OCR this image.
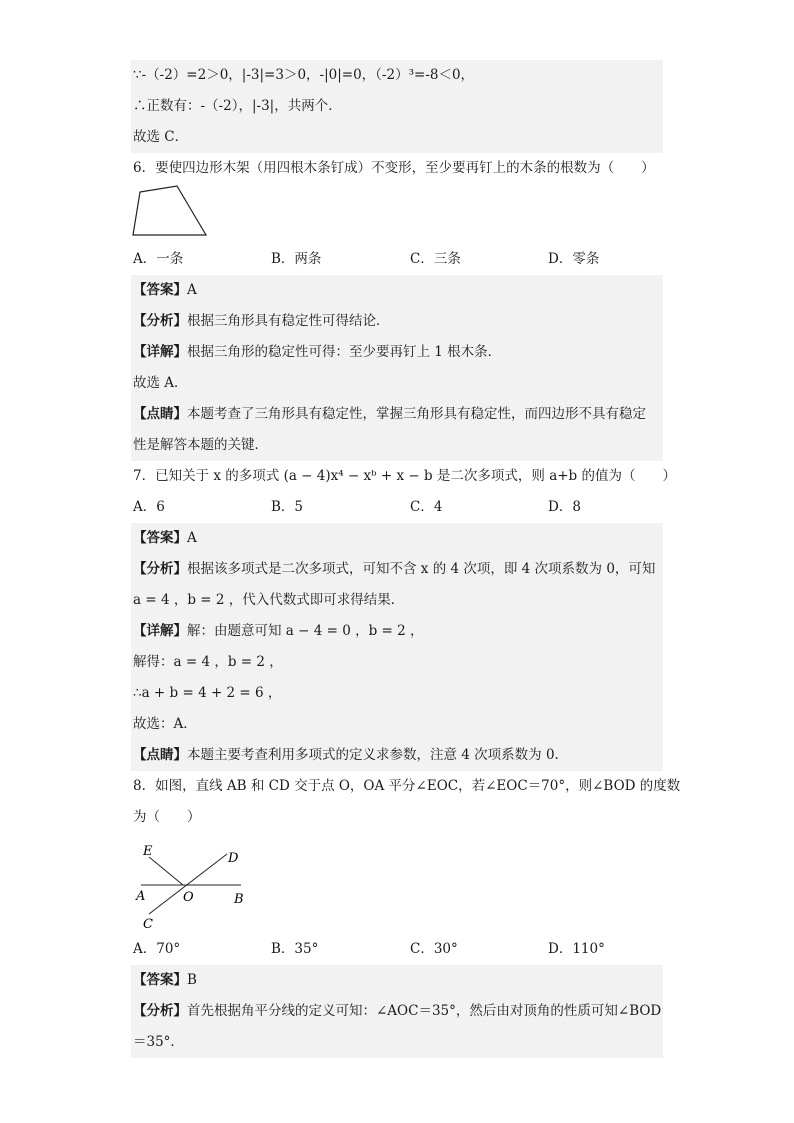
∵-（-2）=2＞0，|-3|=3＞0，-|0|=0，（-2）³=-8＜0，
∴正数有：-（-2），|-3|，共两个．
故选 C．
6．要使四边形木架（用四根木条钉成）不变形，至少要再钉上的木条的根数为（　　）
A．一条	B．两条	C．三条	D．零条
【答案】A
【分析】根据三角形具有稳定性可得结论．
【详解】根据三角形的稳定性可得：至少要再钉上 1 根木条．
故选 A．
【点睛】本题考查了三角形具有稳定性，掌握三角形具有稳定性，而四边形不具有稳定
性是解答本题的关键．
7．已知关于 x 的多项式 (a − 4)x⁴ − xᵇ + x − b 是二次多项式，则 a+b 的值为（　　）
A．6	B．5	C．4	D．8
【答案】A
【分析】根据该多项式是二次多项式，可知不含 x 的 4 次项，即 4 次项系数为 0，可知
a = 4 ，b = 2 ，代入代数式即可求得结果．
【详解】解：由题意可知 a − 4 = 0 ，b = 2 ，
解得：a = 4 ，b = 2 ，
∴a + b = 4 + 2 = 6 ，
故选：A．
【点睛】本题主要考查利用多项式的定义求参数，注意 4 次项系数为 0．
8．如图，直线 AB 和 CD 交于点 O，OA 平分∠EOC，若∠EOC＝70°，则∠BOD 的度数
为（　　）
E	D
A	O	B
C
A．70°	B．35°	C．30°	D．110°
【答案】B
【分析】首先根据角平分线的定义可知：∠AOC＝35°，然后由对顶角的性质可知∠BOD
＝35°．
